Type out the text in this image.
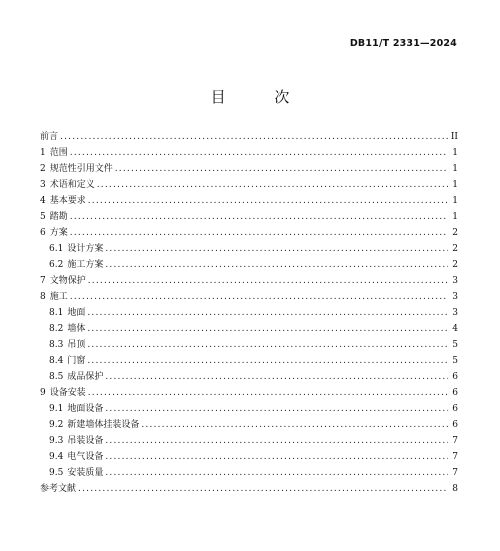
DB11/T 2331—2024
目 次
前言 .....	II
1 范围 .....	1
2 规范性引用文件 .....	1
3 术语和定义 .....	1
4 基本要求 .....	1
5 踏勘 .....	1
6 方案 .....	2
6.1 设计方案 .....	2
6.2 施工方案 .....	2
7 文物保护 .....	3
8 施工 .....	3
8.1 地面 .....	3
8.2 墙体 .....	4
8.3 吊顶 .....	5
8.4 门窗 .....	5
8.5 成品保护 .....	6
9 设备安装 .....	6
9.1 地面设备 .....	6
9.2 新建墙体挂装设备 .....	6
9.3 吊装设备 .....	7
9.4 电气设备 .....	7
9.5 安装质量 .....	7
参考文献 .....	8
